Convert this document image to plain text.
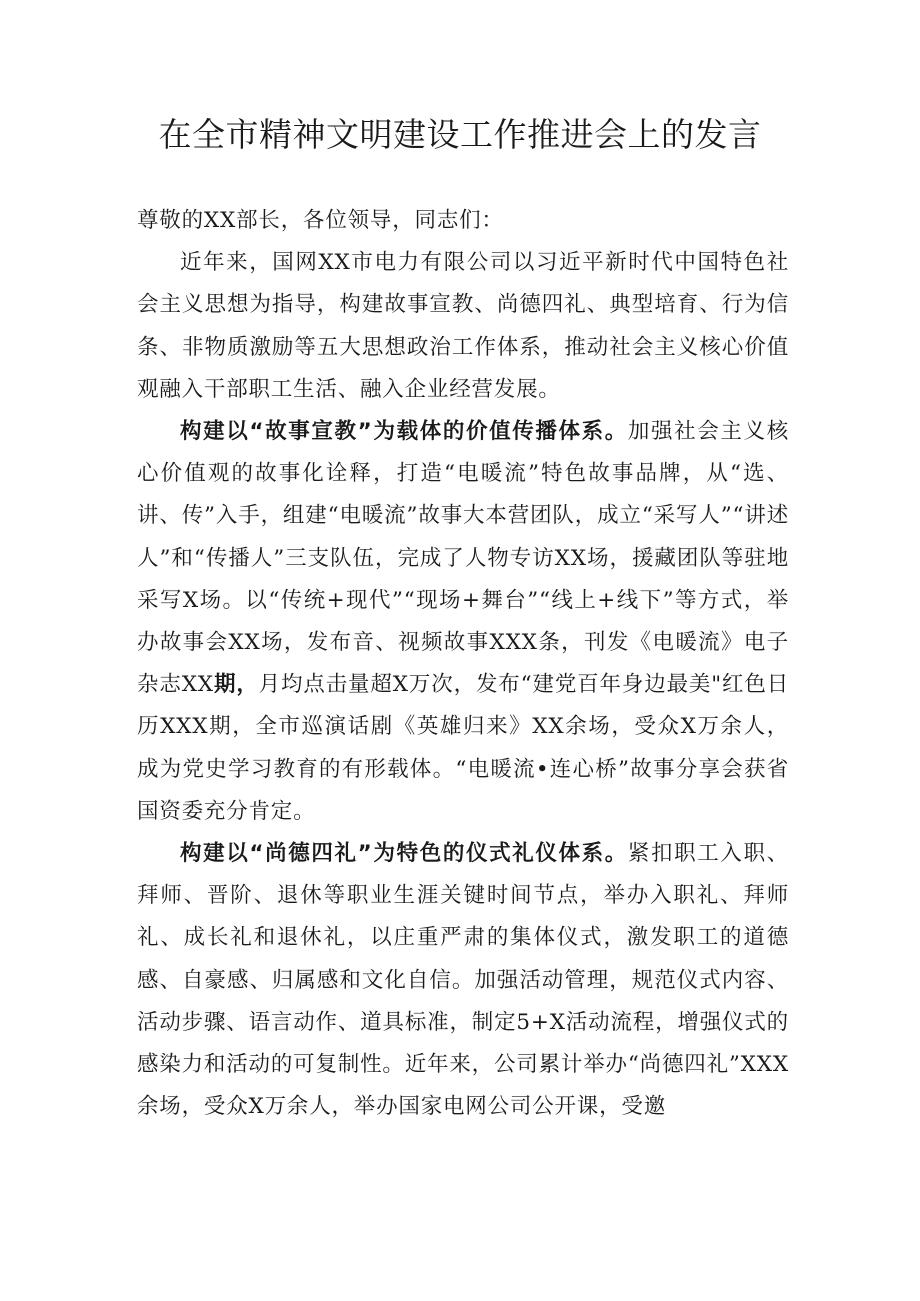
在全市精神文明建设工作推进会上的发言

尊敬的XX部长，各位领导，同志们：

近年来，国网XX市电力有限公司以习近平新时代中国特色社会主义思想为指导，构建故事宣教、尚德四礼、典型培育、行为信条、非物质激励等五大思想政治工作体系，推动社会主义核心价值观融入干部职工生活、融入企业经营发展。

构建以“故事宣教”为载体的价值传播体系。加强社会主义核心价值观的故事化诠释，打造“电暖流”特色故事品牌，从“选、讲、传”入手，组建“电暖流”故事大本营团队，成立“采写人”“讲述人”和“传播人”三支队伍，完成了人物专访XX场，援藏团队等驻地采写X场。以“传统+现代”“现场+舞台”“线上+线下”等方式，举办故事会XX场，发布音、视频故事XXX条，刊发《电暖流》电子杂志XX期，月均点击量超X万次，发布“建党百年身边最美"红色日历XXX期，全市巡演话剧《英雄归来》XX余场，受众X万余人，成为党史学习教育的有形载体。“电暖流•连心桥”故事分享会获省国资委充分肯定。

构建以“尚德四礼”为特色的仪式礼仪体系。紧扣职工入职、拜师、晋阶、退休等职业生涯关键时间节点，举办入职礼、拜师礼、成长礼和退休礼，以庄重严肃的集体仪式，激发职工的道德感、自豪感、归属感和文化自信。加强活动管理，规范仪式内容、活动步骤、语言动作、道具标准，制定5+X活动流程，增强仪式的感染力和活动的可复制性。近年来，公司累计举办“尚德四礼”XXX余场，受众X万余人，举办国家电网公司公开课，受邀
